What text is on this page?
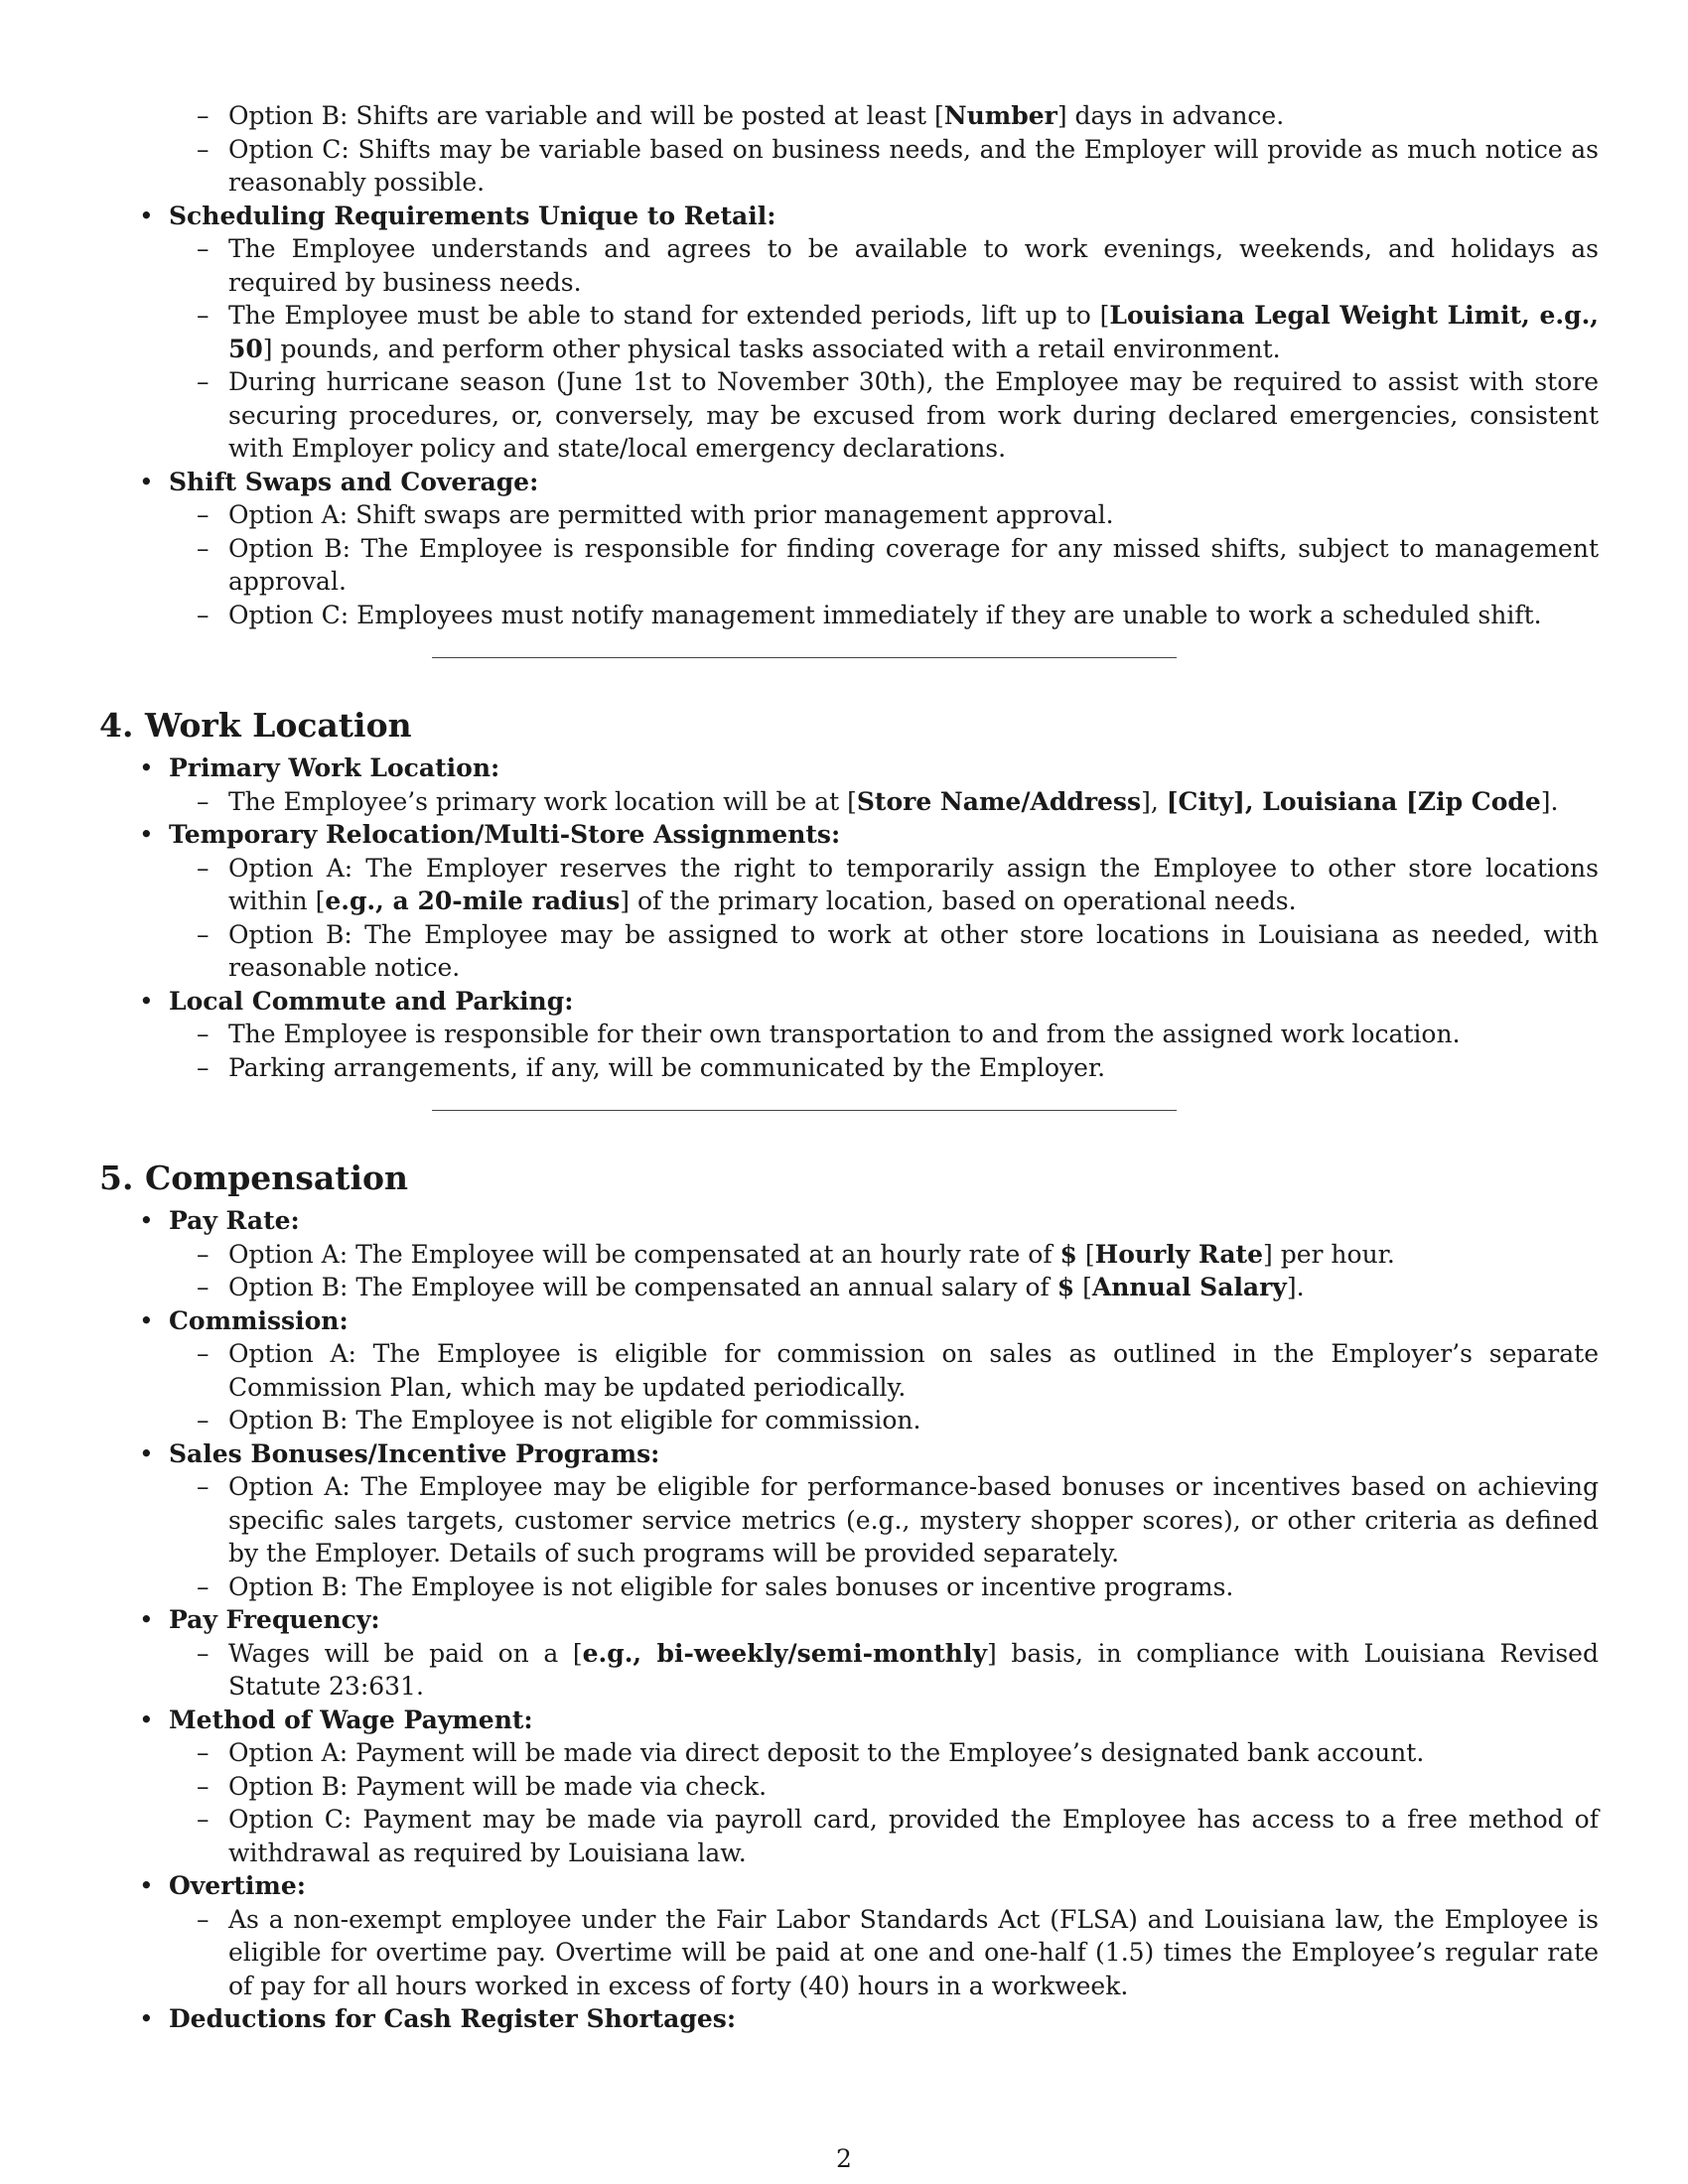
– Option B: Shifts are variable and will be posted at least [Number] days in advance.
– Option C: Shifts may be variable based on business needs, and the Employer will provide as much notice as reasonably possible.
• Scheduling Requirements Unique to Retail:
– The Employee understands and agrees to be available to work evenings, weekends, and holidays as required by business needs.
– The Employee must be able to stand for extended periods, lift up to [Louisiana Legal Weight Limit, e.g., 50] pounds, and perform other physical tasks associated with a retail environment.
– During hurricane season (June 1st to November 30th), the Employee may be required to assist with store securing procedures, or, conversely, may be excused from work during declared emergencies, consistent with Employer policy and state/local emergency declarations.
• Shift Swaps and Coverage:
– Option A: Shift swaps are permitted with prior management approval.
– Option B: The Employee is responsible for finding coverage for any missed shifts, subject to management approval.
– Option C: Employees must notify management immediately if they are unable to work a scheduled shift.
4. Work Location
• Primary Work Location:
– The Employee’s primary work location will be at [Store Name/Address], [City], Louisiana [Zip Code].
• Temporary Relocation/Multi-Store Assignments:
– Option A: The Employer reserves the right to temporarily assign the Employee to other store locations within [e.g., a 20-mile radius] of the primary location, based on operational needs.
– Option B: The Employee may be assigned to work at other store locations in Louisiana as needed, with reasonable notice.
• Local Commute and Parking:
– The Employee is responsible for their own transportation to and from the assigned work location.
– Parking arrangements, if any, will be communicated by the Employer.
5. Compensation
• Pay Rate:
– Option A: The Employee will be compensated at an hourly rate of $ [Hourly Rate] per hour.
– Option B: The Employee will be compensated an annual salary of $ [Annual Salary].
• Commission:
– Option A: The Employee is eligible for commission on sales as outlined in the Employer’s separate Commission Plan, which may be updated periodically.
– Option B: The Employee is not eligible for commission.
• Sales Bonuses/Incentive Programs:
– Option A: The Employee may be eligible for performance-based bonuses or incentives based on achieving specific sales targets, customer service metrics (e.g., mystery shopper scores), or other criteria as defined by the Employer. Details of such programs will be provided separately.
– Option B: The Employee is not eligible for sales bonuses or incentive programs.
• Pay Frequency:
– Wages will be paid on a [e.g., bi-weekly/semi-monthly] basis, in compliance with Louisiana Revised Statute 23:631.
• Method of Wage Payment:
– Option A: Payment will be made via direct deposit to the Employee’s designated bank account.
– Option B: Payment will be made via check.
– Option C: Payment may be made via payroll card, provided the Employee has access to a free method of withdrawal as required by Louisiana law.
• Overtime:
– As a non-exempt employee under the Fair Labor Standards Act (FLSA) and Louisiana law, the Employee is eligible for overtime pay. Overtime will be paid at one and one-half (1.5) times the Employee’s regular rate of pay for all hours worked in excess of forty (40) hours in a workweek.
• Deductions for Cash Register Shortages:
2
